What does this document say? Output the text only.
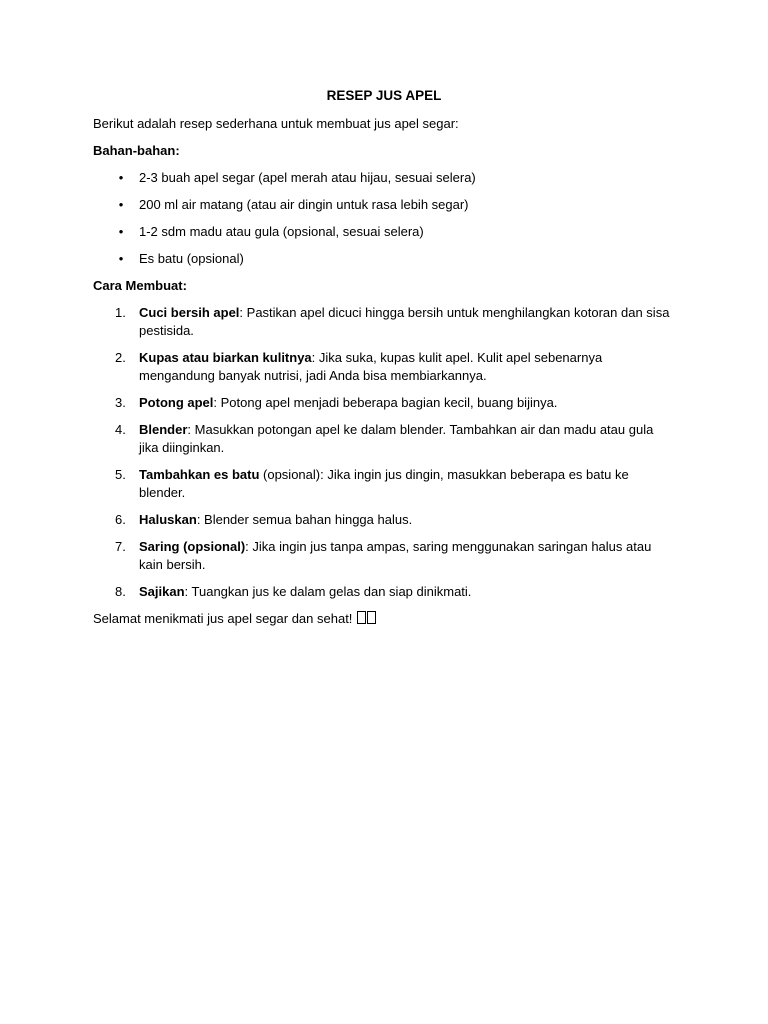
RESEP JUS APEL

Berikut adalah resep sederhana untuk membuat jus apel segar:

Bahan-bahan:
• 2-3 buah apel segar (apel merah atau hijau, sesuai selera)
• 200 ml air matang (atau air dingin untuk rasa lebih segar)
• 1-2 sdm madu atau gula (opsional, sesuai selera)
• Es batu (opsional)
Cara Membuat:
1.	Cuci bersih apel: Pastikan apel dicuci hingga bersih untuk menghilangkan kotoran dan sisa pestisida.
2.	Kupas atau biarkan kulitnya: Jika suka, kupas kulit apel. Kulit apel sebenarnya mengandung banyak nutrisi, jadi Anda bisa membiarkannya.
3.	Potong apel: Potong apel menjadi beberapa bagian kecil, buang bijinya.
4.	Blender: Masukkan potongan apel ke dalam blender. Tambahkan air dan madu atau gula jika diinginkan.
5.	Tambahkan es batu (opsional): Jika ingin jus dingin, masukkan beberapa es batu ke blender.
6.	Haluskan: Blender semua bahan hingga halus.
7.	Saring (opsional): Jika ingin jus tanpa ampas, saring menggunakan saringan halus atau kain bersih.
8.	Sajikan: Tuangkan jus ke dalam gelas dan siap dinikmati.

Selamat menikmati jus apel segar dan sehat!
